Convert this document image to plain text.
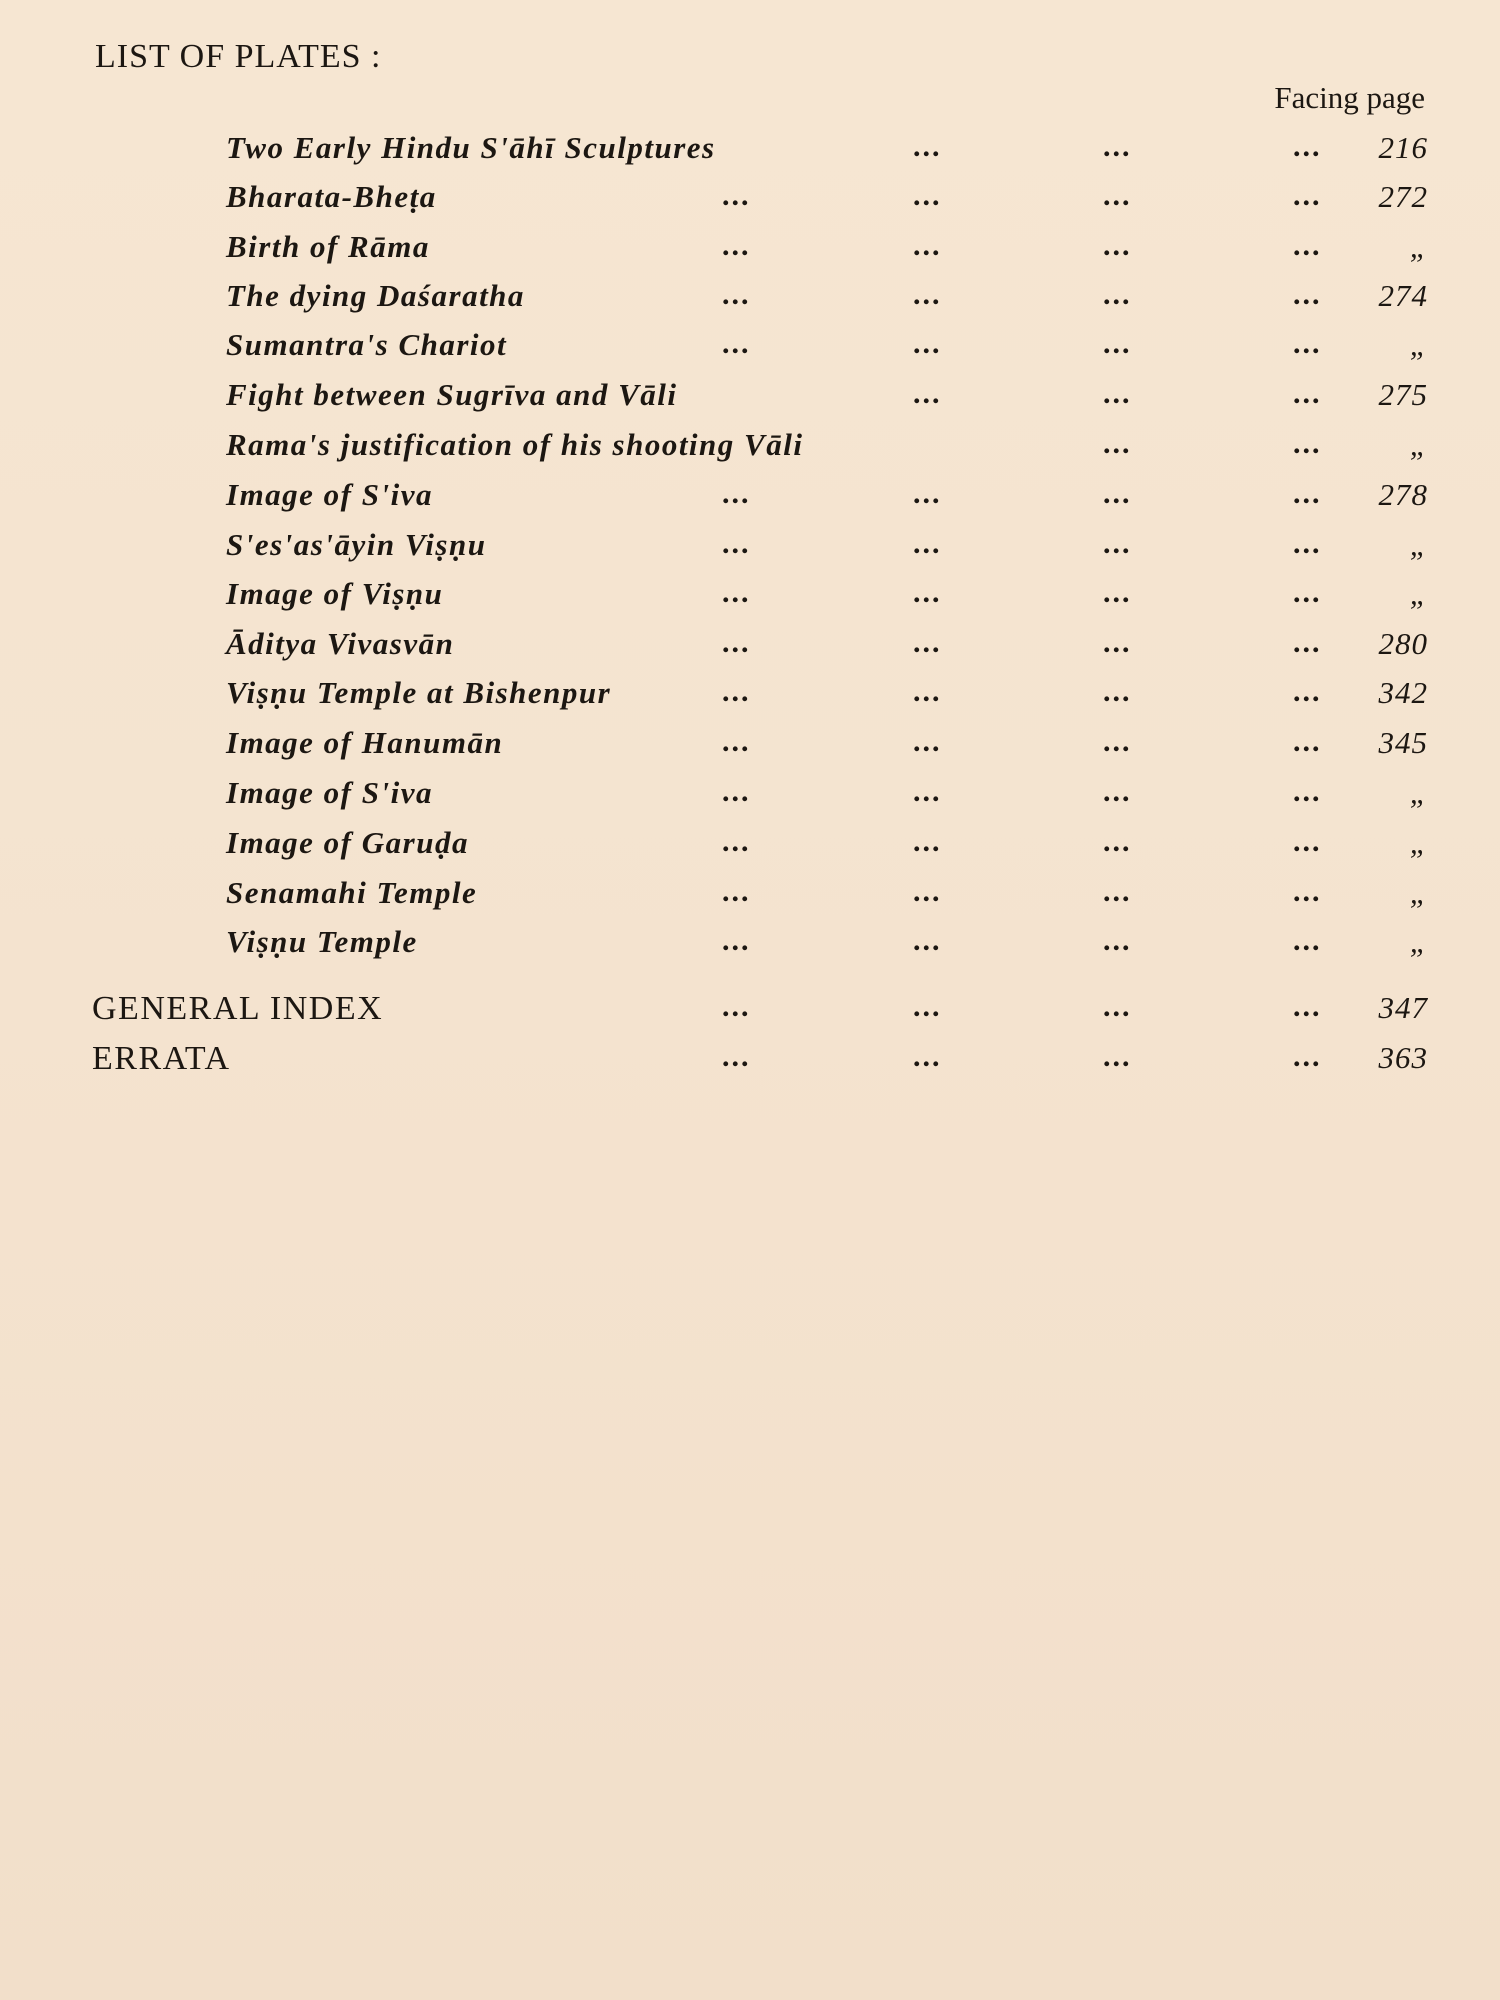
LIST OF PLATES :
Facing page
Two Early Hindu S'āhī Sculptures	...	...	...	216
Bharata-Bheṭa	...	...	...	...	272
Birth of Rāma	...	...	...	...	„
The dying Daśaratha	...	...	...	...	274
Sumantra's Chariot	...	...	...	...	„
Fight between Sugrīva and Vāli	...	...	...	275
Rama's justification of his shooting Vāli	...	...	„
Image of S'iva	...	...	...	...	278
S'es'as'āyin Viṣṇu	...	...	...	...	„
Image of Viṣṇu	...	...	...	...	„
Āditya Vivasvān	...	...	...	...	280
Viṣṇu Temple at Bishenpur	...	...	...	...	342
Image of Hanumān	...	...	...	...	345
Image of S'iva	...	...	...	...	„
Image of Garuḍa	...	...	...	...	„
Senamahi Temple	...	...	...	...	„
Viṣṇu Temple	...	...	...	...	„
GENERAL INDEX	...	...	...	...	347
ERRATA	...	...	...	...	363
